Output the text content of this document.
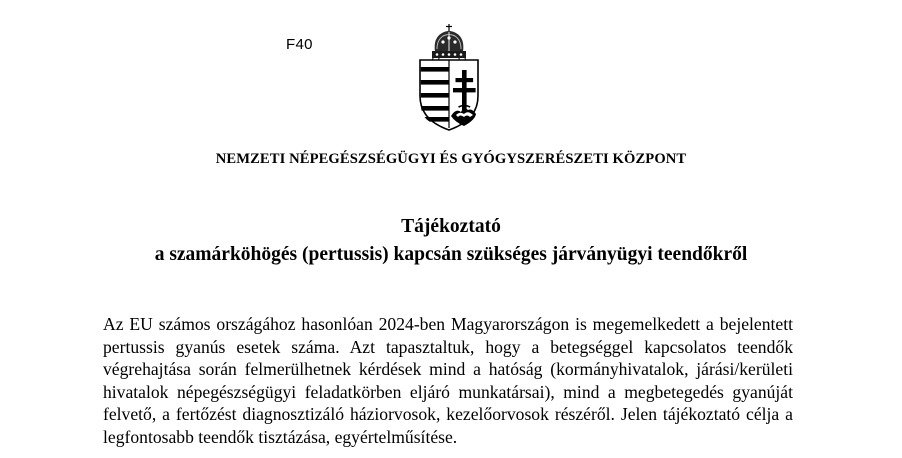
F40
NEMZETI NÉPEGÉSZSÉGÜGYI ÉS GYÓGYSZERÉSZETI KÖZPONT
Tájékoztató
a szamárköhögés (pertussis) kapcsán szükséges járványügyi teendőkről
Az EU számos országához hasonlóan 2024-ben Magyarországon is megemelkedett a bejelentett pertussis gyanús esetek száma. Azt tapasztaltuk, hogy a betegséggel kapcsolatos teendők végrehajtása során felmerülhetnek kérdések mind a hatóság (kormányhivatalok, járási/kerületi hivatalok népegészségügyi feladatkörben eljáró munkatársai), mind a megbetegedés gyanúját felvető, a fertőzést diagnosztizáló háziorvosok, kezelőorvosok részéről. Jelen tájékoztató célja a legfontosabb teendők tisztázása, egyértelműsítése.
